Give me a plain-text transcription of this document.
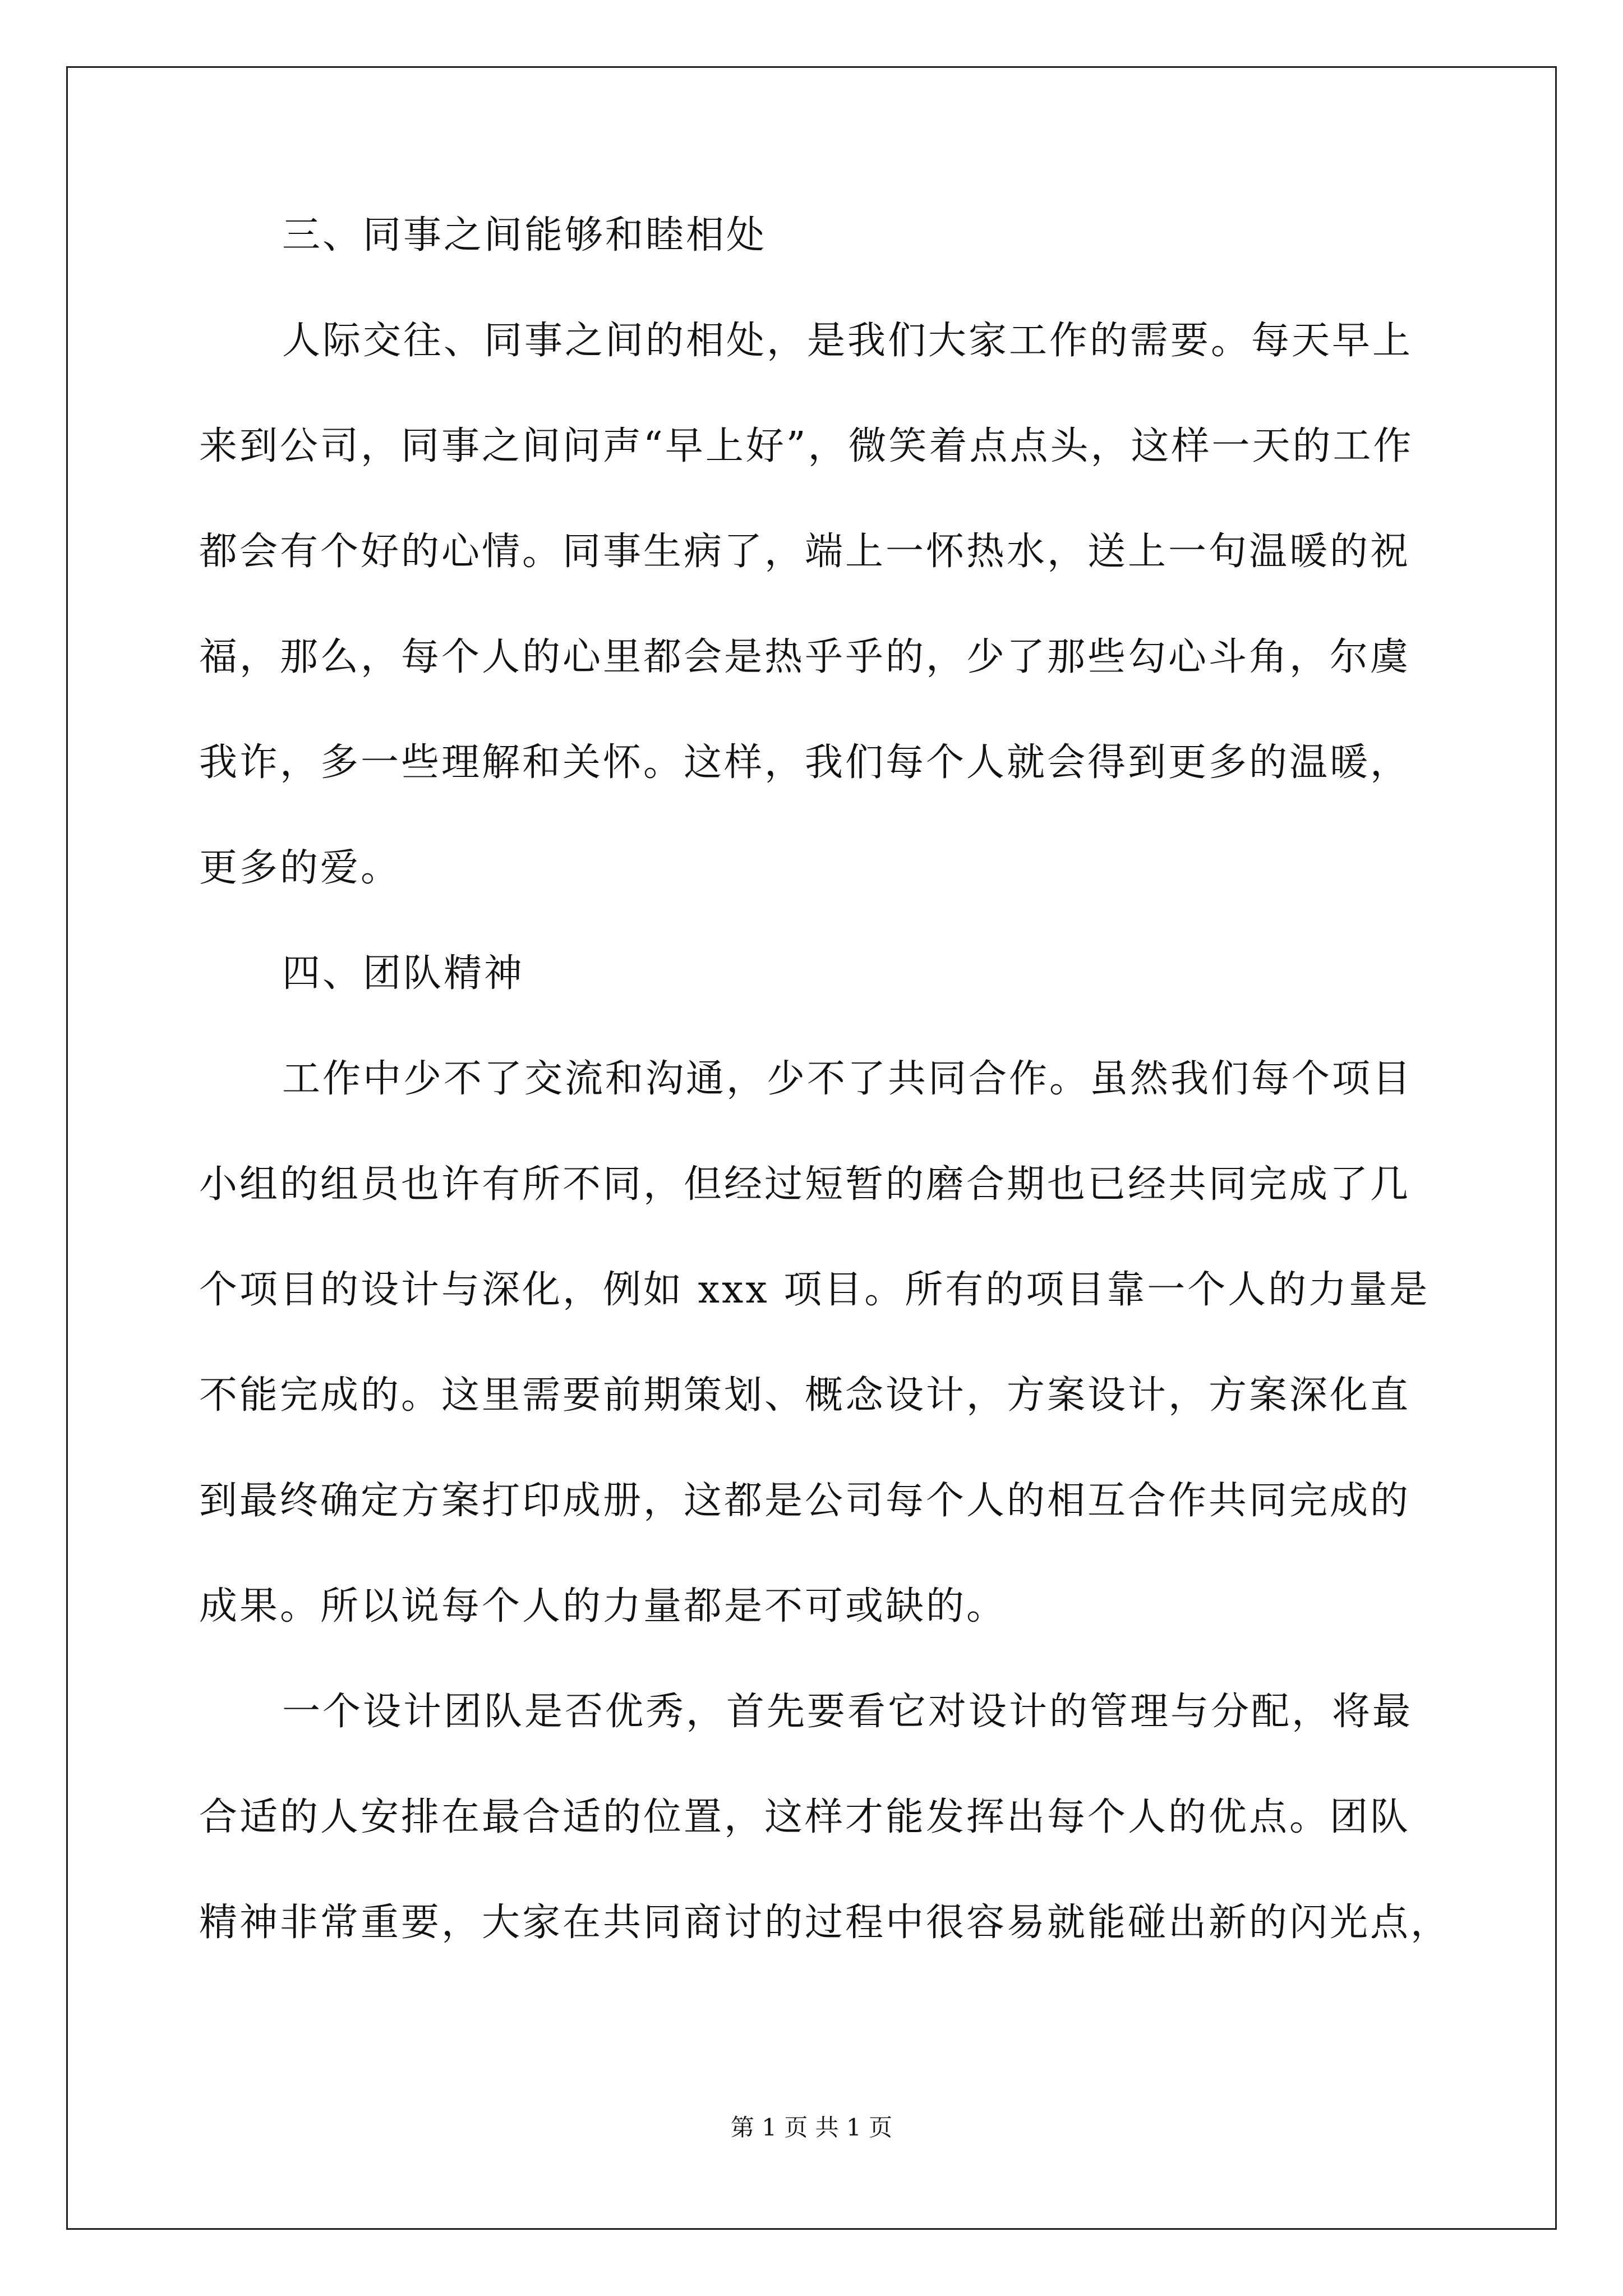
三、同事之间能够和睦相处
人际交往、同事之间的相处，是我们大家工作的需要。每天早上
来到公司，同事之间问声“早上好”，微笑着点点头，这样一天的工作
都会有个好的心情。同事生病了，端上一怀热水，送上一句温暖的祝
福，那么，每个人的心里都会是热乎乎的，少了那些勾心斗角，尔虞
我诈，多一些理解和关怀。这样，我们每个人就会得到更多的温暖，
更多的爱。
四、团队精神
工作中少不了交流和沟通，少不了共同合作。虽然我们每个项目
小组的组员也许有所不同，但经过短暂的磨合期也已经共同完成了几
个项目的设计与深化，例如 xxx 项目。所有的项目靠一个人的力量是
不能完成的。这里需要前期策划、概念设计，方案设计，方案深化直
到最终确定方案打印成册，这都是公司每个人的相互合作共同完成的
成果。所以说每个人的力量都是不可或缺的。
一个设计团队是否优秀，首先要看它对设计的管理与分配，将最
合适的人安排在最合适的位置，这样才能发挥出每个人的优点。团队
精神非常重要，大家在共同商讨的过程中很容易就能碰出新的闪光点，
第 1 页 共 1 页
